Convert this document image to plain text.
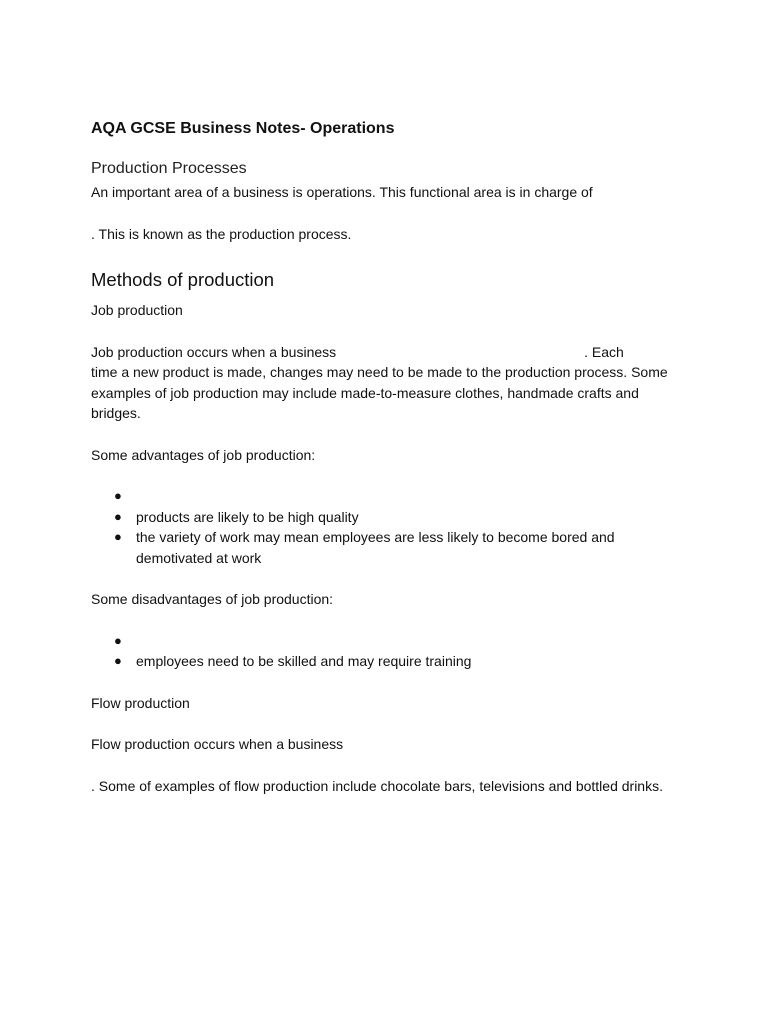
AQA GCSE Business Notes- Operations
Production Processes

An important area of a business is operations. This functional area is in charge of

. This is known as the production process.

Methods of production

Job production

Job production occurs when a business	. Each
time a new product is made, changes may need to be made to the production process. Some examples of job production may include made-to-measure clothes, handmade crafts and bridges.

Some advantages of job production:

●
● products are likely to be high quality
● the variety of work may mean employees are less likely to become bored and demotivated at work

Some disadvantages of job production:

●
● employees need to be skilled and may require training

Flow production

Flow production occurs when a business

. Some of examples of flow production include chocolate bars, televisions and bottled drinks.
